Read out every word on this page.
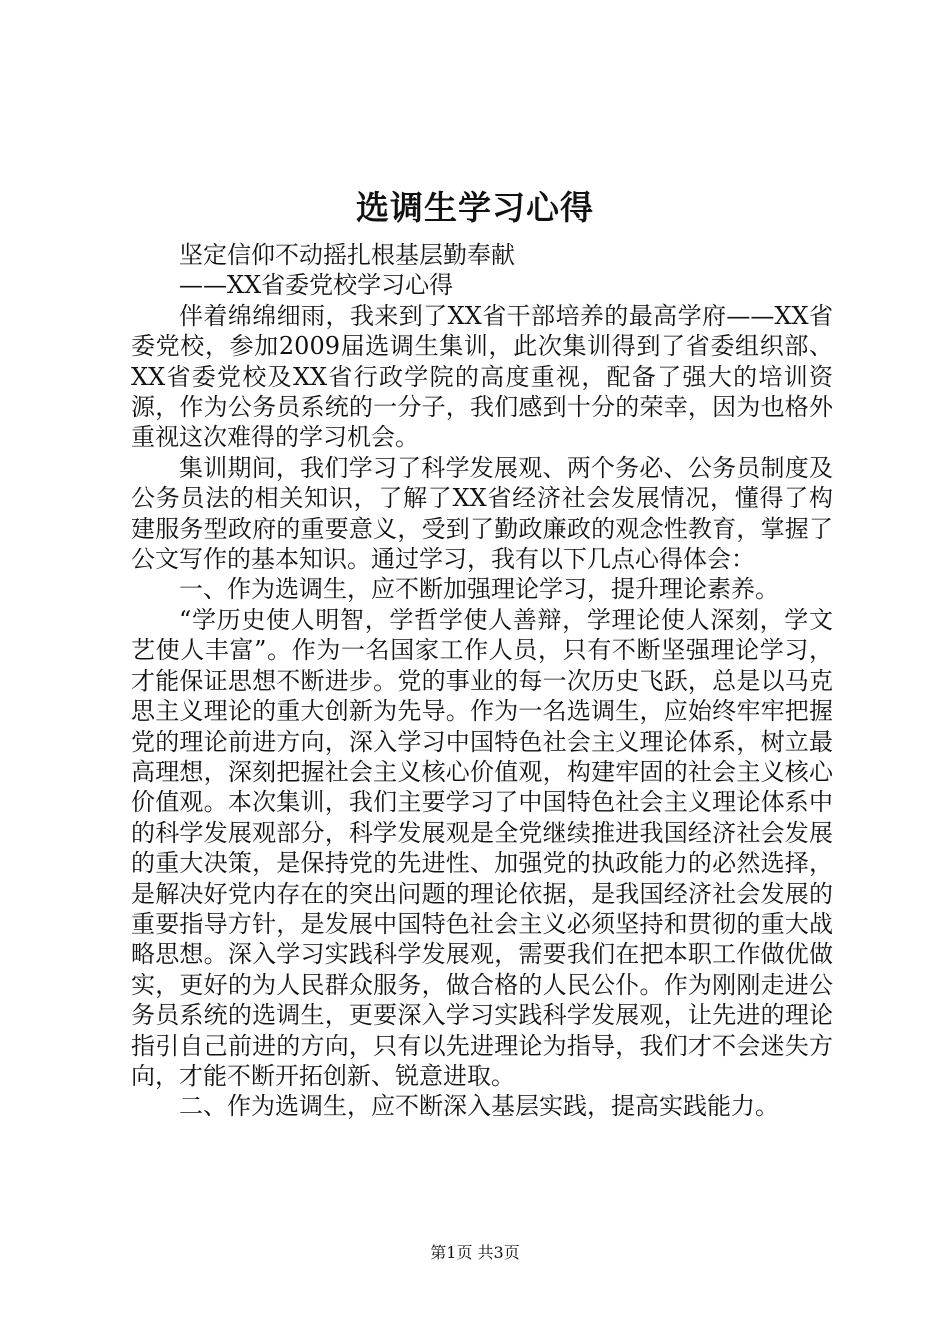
选调生学习心得

坚定信仰不动摇扎根基层勤奉献

——XX省委党校学习心得

伴着绵绵细雨，我来到了XX省干部培养的最高学府——XX省委党校，参加2009届选调生集训，此次集训得到了省委组织部、XX省委党校及XX省行政学院的高度重视，配备了强大的培训资源，作为公务员系统的一分子，我们感到十分的荣幸，因为也格外重视这次难得的学习机会。

集训期间，我们学习了科学发展观、两个务必、公务员制度及公务员法的相关知识，了解了XX省经济社会发展情况，懂得了构建服务型政府的重要意义，受到了勤政廉政的观念性教育，掌握了公文写作的基本知识。通过学习，我有以下几点心得体会：

一、作为选调生，应不断加强理论学习，提升理论素养。

“学历史使人明智，学哲学使人善辩，学理论使人深刻，学文艺使人丰富”。作为一名国家工作人员，只有不断坚强理论学习，才能保证思想不断进步。党的事业的每一次历史飞跃，总是以马克思主义理论的重大创新为先导。作为一名选调生，应始终牢牢把握党的理论前进方向，深入学习中国特色社会主义理论体系，树立最高理想，深刻把握社会主义核心价值观，构建牢固的社会主义核心价值观。本次集训，我们主要学习了中国特色社会主义理论体系中的科学发展观部分，科学发展观是全党继续推进我国经济社会发展的重大决策，是保持党的先进性、加强党的执政能力的必然选择，是解决好党内存在的突出问题的理论依据，是我国经济社会发展的重要指导方针，是发展中国特色社会主义必须坚持和贯彻的重大战略思想。深入学习实践科学发展观，需要我们在把本职工作做优做实，更好的为人民群众服务，做合格的人民公仆。作为刚刚走进公务员系统的选调生，更要深入学习实践科学发展观，让先进的理论指引自己前进的方向，只有以先进理论为指导，我们才不会迷失方向，才能不断开拓创新、锐意进取。

二、作为选调生，应不断深入基层实践，提高实践能力。

第1页 共3页
